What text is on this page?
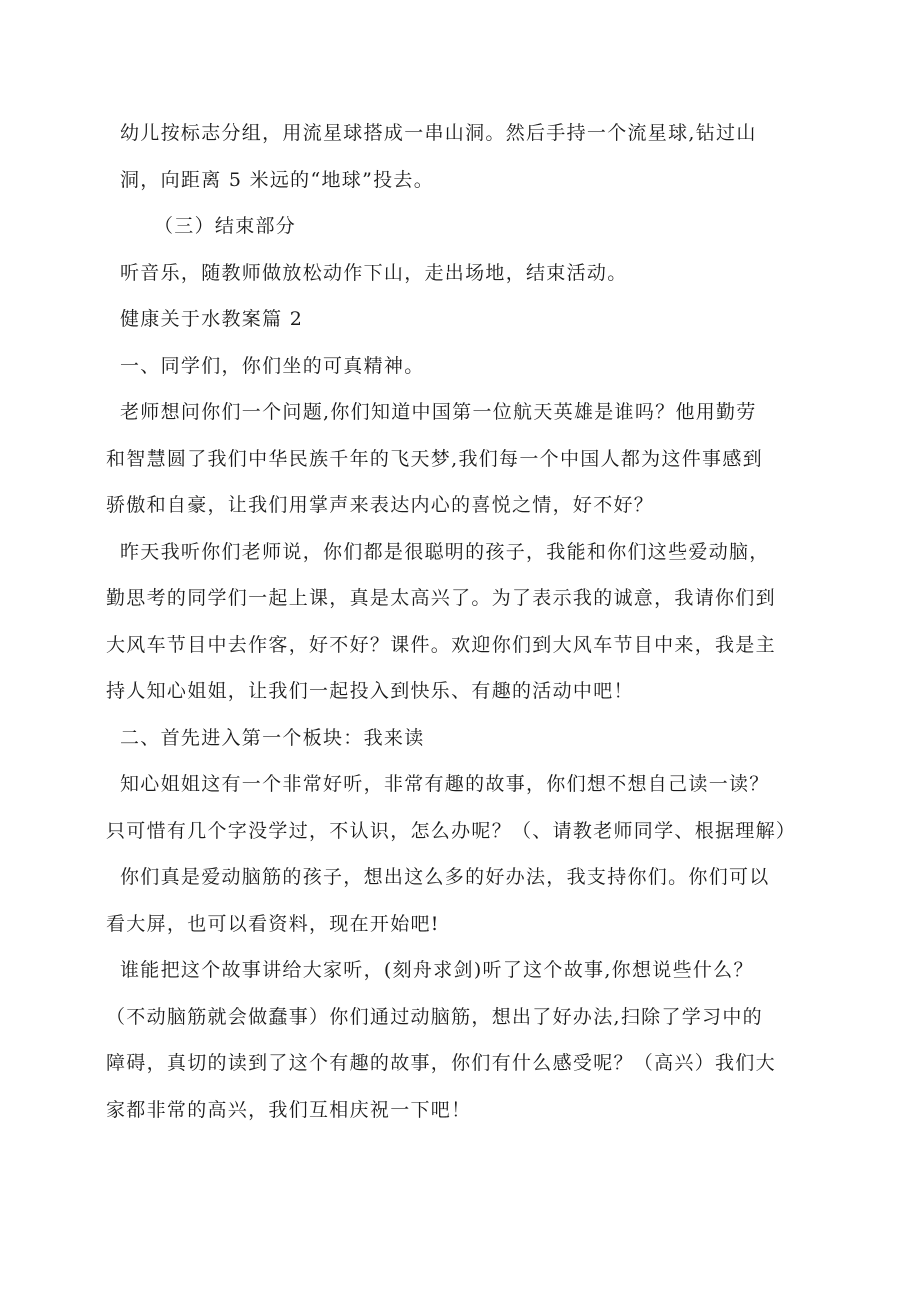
幼儿按标志分组，用流星球搭成一串山洞。然后手持一个流星球,钻过山
洞，向距离 5 米远的“地球”投去。

（三）结束部分

听音乐，随教师做放松动作下山，走出场地，结束活动。

健康关于水教案篇 2

一、同学们，你们坐的可真精神。

老师想问你们一个问题,你们知道中国第一位航天英雄是谁吗？他用勤劳
和智慧圆了我们中华民族千年的飞天梦,我们每一个中国人都为这件事感到
骄傲和自豪，让我们用掌声来表达内心的喜悦之情，好不好？

昨天我听你们老师说，你们都是很聪明的孩子，我能和你们这些爱动脑，
勤思考的同学们一起上课，真是太高兴了。为了表示我的诚意，我请你们到
大风车节目中去作客，好不好？课件。欢迎你们到大风车节目中来，我是主
持人知心姐姐，让我们一起投入到快乐、有趣的活动中吧！

二、首先进入第一个板块：我来读

知心姐姐这有一个非常好听，非常有趣的故事，你们想不想自己读一读？
只可惜有几个字没学过，不认识，怎么办呢？（、请教老师同学、根据理解）

你们真是爱动脑筋的孩子，想出这么多的好办法，我支持你们。你们可以
看大屏，也可以看资料，现在开始吧!

谁能把这个故事讲给大家听，(刻舟求剑)听了这个故事,你想说些什么？
（不动脑筋就会做蠢事）你们通过动脑筋，想出了好办法,扫除了学习中的
障碍，真切的读到了这个有趣的故事，你们有什么感受呢？（高兴）我们大
家都非常的高兴，我们互相庆祝一下吧！
